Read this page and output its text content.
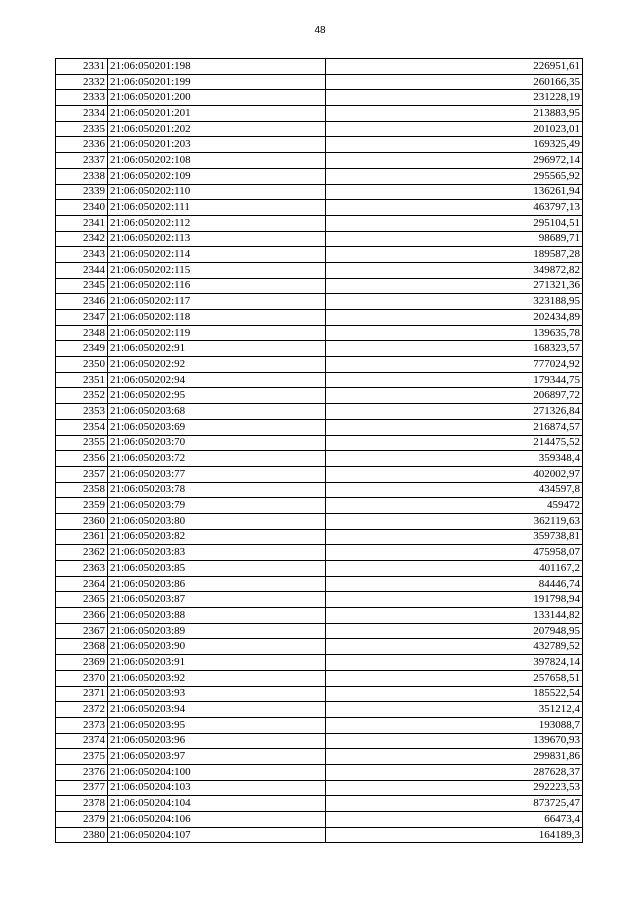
48
2331	21:06:050201:198	226951,61
2332	21:06:050201:199	260166,35
2333	21:06:050201:200	231228,19
2334	21:06:050201:201	213883,95
2335	21:06:050201:202	201023,01
2336	21:06:050201:203	169325,49
2337	21:06:050202:108	296972,14
2338	21:06:050202:109	295565,92
2339	21:06:050202:110	136261,94
2340	21:06:050202:111	463797,13
2341	21:06:050202:112	295104,51
2342	21:06:050202:113	98689,71
2343	21:06:050202:114	189587,28
2344	21:06:050202:115	349872,82
2345	21:06:050202:116	271321,36
2346	21:06:050202:117	323188,95
2347	21:06:050202:118	202434,89
2348	21:06:050202:119	139635,78
2349	21:06:050202:91	168323,57
2350	21:06:050202:92	777024,92
2351	21:06:050202:94	179344,75
2352	21:06:050202:95	206897,72
2353	21:06:050203:68	271326,84
2354	21:06:050203:69	216874,57
2355	21:06:050203:70	214475,52
2356	21:06:050203:72	359348,4
2357	21:06:050203:77	402002,97
2358	21:06:050203:78	434597,8
2359	21:06:050203:79	459472
2360	21:06:050203:80	362119,63
2361	21:06:050203:82	359738,81
2362	21:06:050203:83	475958,07
2363	21:06:050203:85	401167,2
2364	21:06:050203:86	84446,74
2365	21:06:050203:87	191798,94
2366	21:06:050203:88	133144,82
2367	21:06:050203:89	207948,95
2368	21:06:050203:90	432789,52
2369	21:06:050203:91	397824,14
2370	21:06:050203:92	257658,51
2371	21:06:050203:93	185522,54
2372	21:06:050203:94	351212,4
2373	21:06:050203:95	193088,7
2374	21:06:050203:96	139670,93
2375	21:06:050203:97	299831,86
2376	21:06:050204:100	287628,37
2377	21:06:050204:103	292223,53
2378	21:06:050204:104	873725,47
2379	21:06:050204:106	66473,4
2380	21:06:050204:107	164189,3
